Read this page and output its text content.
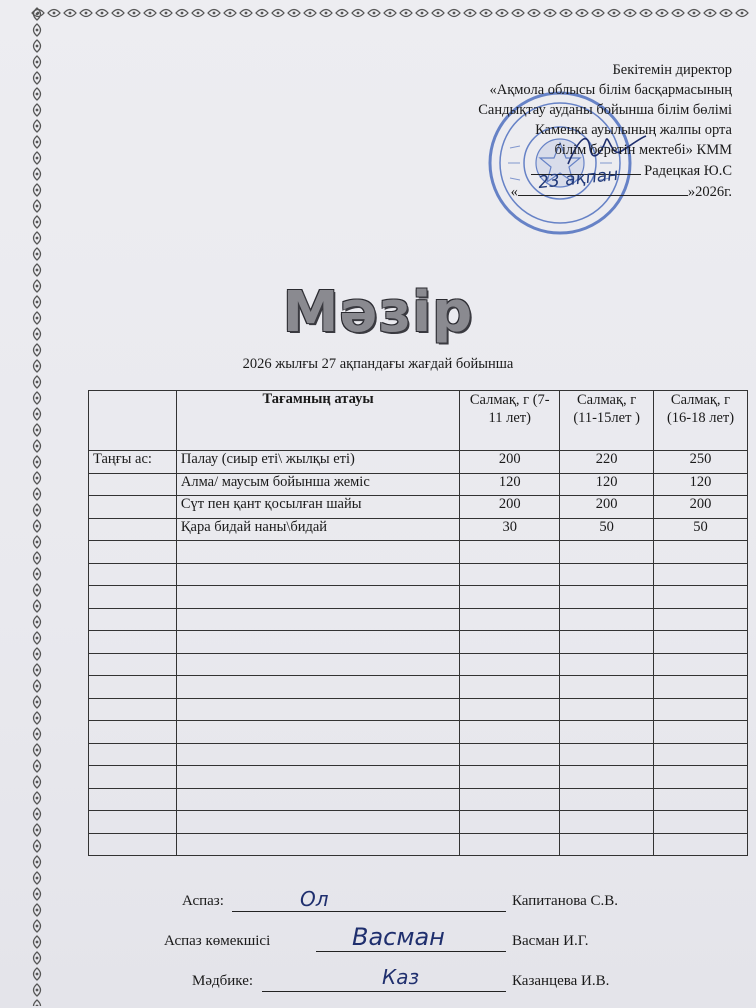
Бекітемін директор
«Ақмола облысы білім басқармасының
Сандықтау ауданы бойынша білім бөлімі
Каменка ауылының жалпы орта
білім беретін мектебі» КММ
Радецкая Ю.С
«	»2026г.
23 ақпан
Мәзір
2026 жылғы 27 ақпандағы жағдай бойынша
	Тағамның атауы	Салмақ, г (7-11 лет)	Салмақ, г (11-15лет )	Салмақ, г (16-18 лет)
Таңғы ас:	Палау (сиыр еті\ жылқы еті)	200	220	250
	Алма/ маусым бойынша жеміс	120	120	120
	Сүт пен қант қосылған шайы	200	200	200
	Қара бидай наны\бидай	30	50	50

Аспаз:	Ол	Капитанова С.В.
Аспаз көмекшісі	Васман	Васман И.Г.
Мәдбике:	Каз	Казанцева И.В.
